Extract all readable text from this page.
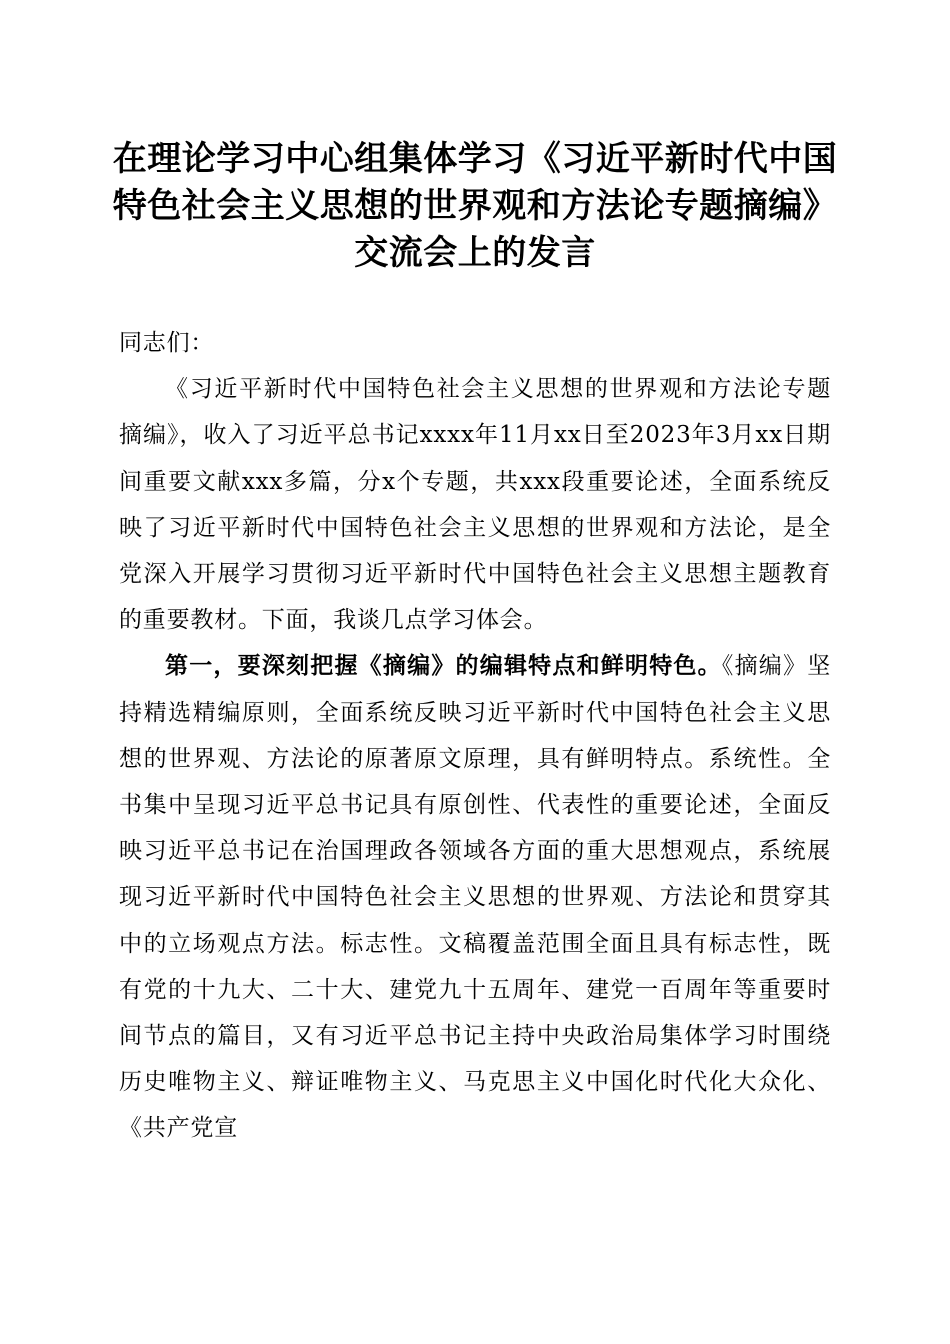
在理论学习中心组集体学习《习近平新时代中国特色社会主义思想的世界观和方法论专题摘编》交流会上的发言

同志们：

《习近平新时代中国特色社会主义思想的世界观和方法论专题摘编》，收入了习近平总书记xxxx年11月xx日至2023年3月xx日期间重要文献xxx多篇，分x个专题，共xxx段重要论述，全面系统反映了习近平新时代中国特色社会主义思想的世界观和方法论，是全党深入开展学习贯彻习近平新时代中国特色社会主义思想主题教育的重要教材。下面，我谈几点学习体会。

第一，要深刻把握《摘编》的编辑特点和鲜明特色。《摘编》坚持精选精编原则，全面系统反映习近平新时代中国特色社会主义思想的世界观、方法论的原著原文原理，具有鲜明特点。系统性。全书集中呈现习近平总书记具有原创性、代表性的重要论述，全面反映习近平总书记在治国理政各领域各方面的重大思想观点，系统展现习近平新时代中国特色社会主义思想的世界观、方法论和贯穿其中的立场观点方法。标志性。文稿覆盖范围全面且具有标志性，既有党的十九大、二十大、建党九十五周年、建党一百周年等重要时间节点的篇目，又有习近平总书记主持中央政治局集体学习时围绕历史唯物主义、辩证唯物主义、马克思主义中国化时代化大众化、《共产党宣
